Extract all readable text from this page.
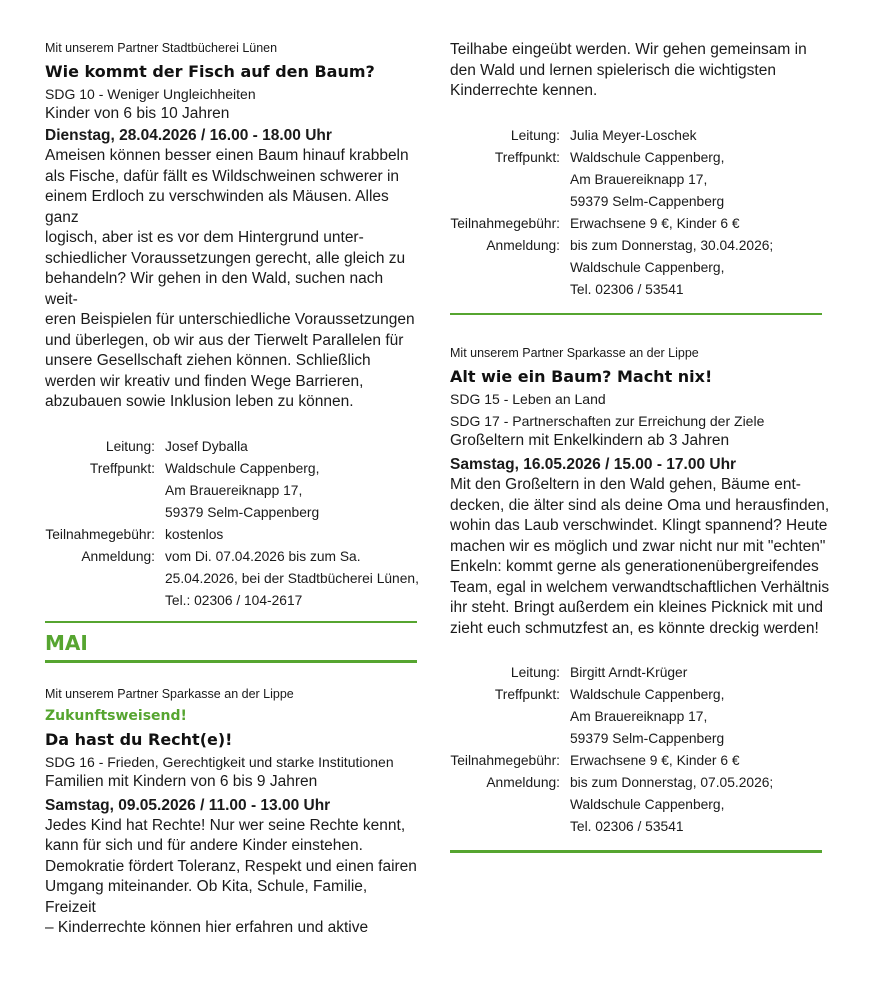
Mit unserem Partner Stadtbücherei Lünen
Wie kommt der Fisch auf den Baum?
SDG 10 - Weniger Ungleichheiten
Kinder von 6 bis 10 Jahren
Dienstag, 28.04.2026 / 16.00 - 18.00 Uhr
Ameisen können besser einen Baum hinauf krabbeln
als Fische, dafür fällt es Wildschweinen schwerer in
einem Erdloch zu verschwinden als Mäusen. Alles ganz
logisch, aber ist es vor dem Hintergrund unter-
schiedlicher Voraussetzungen gerecht, alle gleich zu
behandeln? Wir gehen in den Wald, suchen nach weit-
eren Beispielen für unterschiedliche Voraussetzungen
und überlegen, ob wir aus der Tierwelt Parallelen für
unsere Gesellschaft ziehen können. Schließlich
werden wir kreativ und finden Wege Barrieren,
abzubauen sowie Inklusion leben zu können.
Leitung: Josef Dyballa
Treffpunkt: Waldschule Cappenberg,
Am Brauereiknapp 17,
59379 Selm-Cappenberg
Teilnahmegebühr: kostenlos
Anmeldung: vom Di. 07.04.2026 bis zum Sa.
25.04.2026, bei der Stadtbücherei Lünen,
Tel.: 02306 / 104-2617
MAI
Mit unserem Partner Sparkasse an der Lippe
Zukunftsweisend!
Da hast du Recht(e)!
SDG 16 - Frieden, Gerechtigkeit und starke Institutionen
Familien mit Kindern von 6 bis 9 Jahren
Samstag, 09.05.2026 / 11.00 - 13.00 Uhr
Jedes Kind hat Rechte! Nur wer seine Rechte kennt,
kann für sich und für andere Kinder einstehen.
Demokratie fördert Toleranz, Respekt und einen fairen
Umgang miteinander. Ob Kita, Schule, Familie, Freizeit
– Kinderrechte können hier erfahren und aktive
Teilhabe eingeübt werden. Wir gehen gemeinsam in
den Wald und lernen spielerisch die wichtigsten
Kinderrechte kennen.
Leitung: Julia Meyer-Loschek
Treffpunkt: Waldschule Cappenberg,
Am Brauereiknapp 17,
59379 Selm-Cappenberg
Teilnahmegebühr: Erwachsene 9 €, Kinder 6 €
Anmeldung: bis zum Donnerstag, 30.04.2026;
Waldschule Cappenberg,
Tel. 02306 / 53541
Mit unserem Partner Sparkasse an der Lippe
Alt wie ein Baum? Macht nix!
SDG 15 - Leben an Land
SDG 17 - Partnerschaften zur Erreichung der Ziele
Großeltern mit Enkelkindern ab 3 Jahren
Samstag, 16.05.2026 / 15.00 - 17.00 Uhr
Mit den Großeltern in den Wald gehen, Bäume ent-
decken, die älter sind als deine Oma und herausfinden,
wohin das Laub verschwindet. Klingt spannend? Heute
machen wir es möglich und zwar nicht nur mit "echten"
Enkeln: kommt gerne als generationenübergreifendes
Team, egal in welchem verwandtschaftlichen Verhältnis
ihr steht. Bringt außerdem ein kleines Picknick mit und
zieht euch schmutzfest an, es könnte dreckig werden!
Leitung: Birgitt Arndt-Krüger
Treffpunkt: Waldschule Cappenberg,
Am Brauereiknapp 17,
59379 Selm-Cappenberg
Teilnahmegebühr: Erwachsene 9 €, Kinder 6 €
Anmeldung: bis zum Donnerstag, 07.05.2026;
Waldschule Cappenberg,
Tel. 02306 / 53541
